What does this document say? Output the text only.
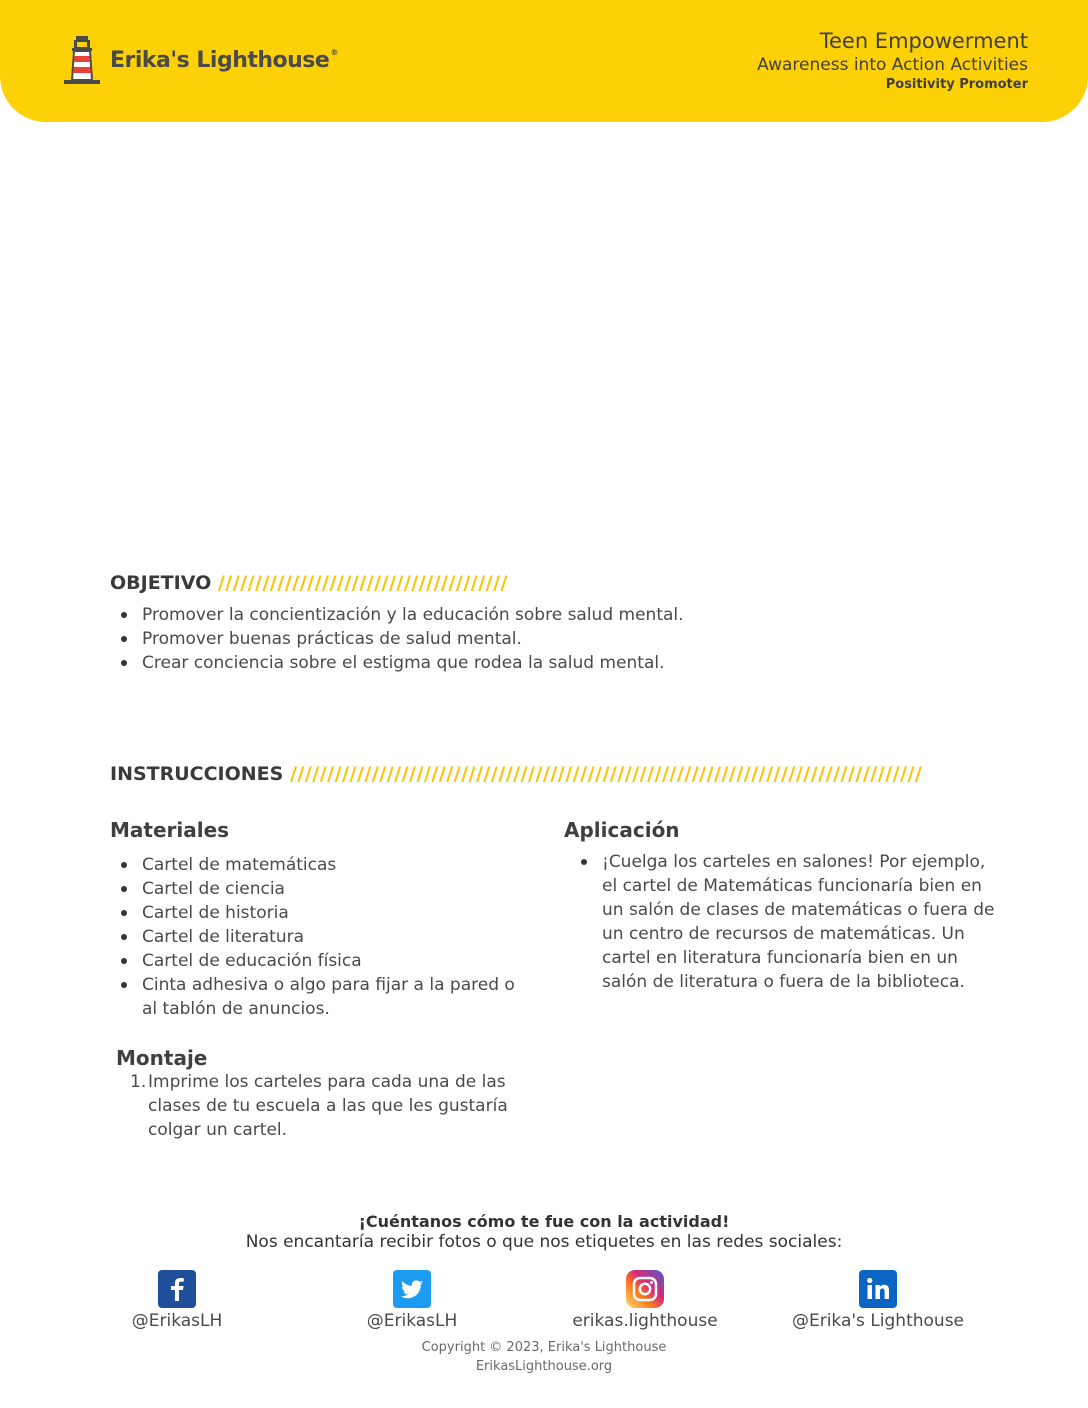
Erika's Lighthouse®	Teen Empowerment
Awareness into Action Activities
Positivity Promoter
Carteles educativos
para el salón
OBJETIVO ///////////////////////////////////////
Promover la concientización y la educación sobre salud mental.
Promover buenas prácticas de salud mental.
Crear conciencia sobre el estigma que rodea la salud mental.
INSTRUCCIONES /////////////////////////////////////////////////////////////////////////////////////
Materiales
Cartel de matemáticas
Cartel de ciencia
Cartel de historia
Cartel de literatura
Cartel de educación física
Cinta adhesiva o algo para fijar a la pared o al tablón de anuncios.
Montaje
1. Imprime los carteles para cada una de las clases de tu escuela a las que les gustaría colgar un cartel.
Aplicación
¡Cuelga los carteles en salones! Por ejemplo, el cartel de Matemáticas funcionaría bien en un salón de clases de matemáticas o fuera de un centro de recursos de matemáticas. Un cartel en literatura funcionaría bien en un salón de literatura o fuera de la biblioteca.
¡Cuéntanos cómo te fue con la actividad!
Nos encantaría recibir fotos o que nos etiquetes en las redes sociales:
@ErikasLH	@ErikasLH	erikas.lighthouse	@Erika's Lighthouse
Copyright © 2023, Erika's Lighthouse
ErikasLighthouse.org
